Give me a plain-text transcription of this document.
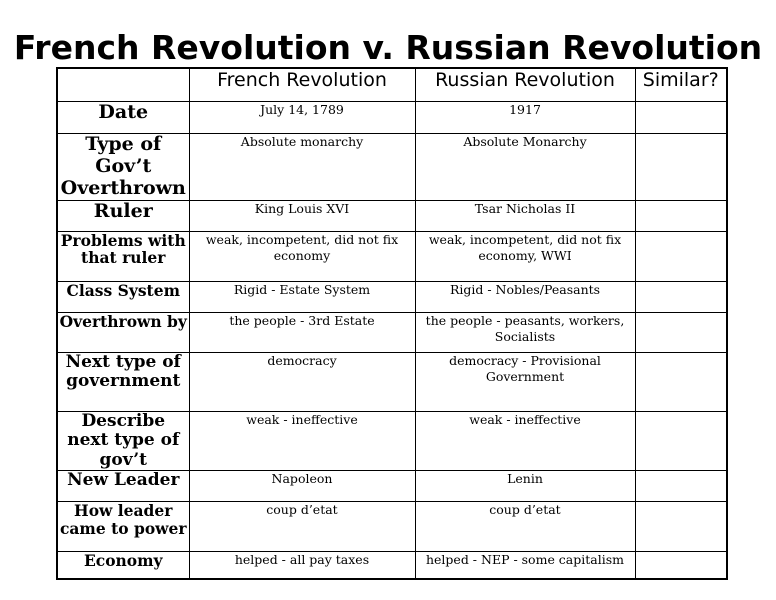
French Revolution v. Russian Revolution
	French Revolution	Russian Revolution	Similar?
Date	July 14, 1789	1917	
Type of Gov’t Overthrown	Absolute monarchy	Absolute Monarchy	
Ruler	King Louis XVI	Tsar Nicholas II	
Problems with that ruler	weak, incompetent, did not fix economy	weak, incompetent, did not fix economy, WWI	
Class System	Rigid - Estate System	Rigid - Nobles/Peasants	
Overthrown by	the people - 3rd Estate	the people - peasants, workers, Socialists	
Next type of government	democracy	democracy - Provisional Government	
Describe next type of gov’t	weak - ineffective	weak - ineffective	
New Leader	Napoleon	Lenin	
How leader came to power	coup d’etat	coup d’etat	
Economy	helped - all pay taxes	helped - NEP - some capitalism	
